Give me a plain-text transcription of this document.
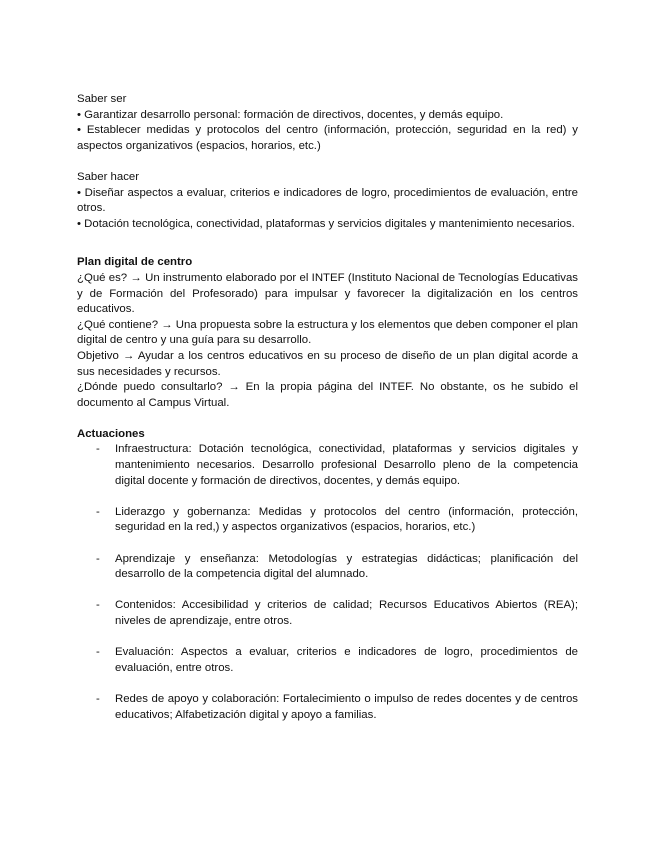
Saber ser

• Garantizar desarrollo personal: formación de directivos, docentes, y demás equipo.

• Establecer medidas y protocolos del centro (información, protección, seguridad en la red) y aspectos organizativos (espacios, horarios, etc.)

Saber hacer

• Diseñar aspectos a evaluar, criterios e indicadores de logro, procedimientos de evaluación, entre otros.

• Dotación tecnológica, conectividad, plataformas y servicios digitales y mantenimiento necesarios.

Plan digital de centro

¿Qué es? → Un instrumento elaborado por el INTEF (Instituto Nacional de Tecnologías Educativas y de Formación del Profesorado) para impulsar y favorecer la digitalización en los centros educativos.

¿Qué contiene? → Una propuesta sobre la estructura y los elementos que deben componer el plan digital de centro y una guía para su desarrollo.

Objetivo → Ayudar a los centros educativos en su proceso de diseño de un plan digital acorde a sus necesidades y recursos.

¿Dónde puedo consultarlo? → En la propia página del INTEF. No obstante, os he subido el documento al Campus Virtual.

Actuaciones

- Infraestructura: Dotación tecnológica, conectividad, plataformas y servicios digitales y mantenimiento necesarios. Desarrollo profesional Desarrollo pleno de la competencia digital docente y formación de directivos, docentes, y demás equipo.
- Liderazgo y gobernanza: Medidas y protocolos del centro (información, protección, seguridad en la red,) y aspectos organizativos (espacios, horarios, etc.)
- Aprendizaje y enseñanza: Metodologías y estrategias didácticas; planificación del desarrollo de la competencia digital del alumnado.
- Contenidos: Accesibilidad y criterios de calidad; Recursos Educativos Abiertos (REA); niveles de aprendizaje, entre otros.
- Evaluación: Aspectos a evaluar, criterios e indicadores de logro, procedimientos de evaluación, entre otros.
- Redes de apoyo y colaboración: Fortalecimiento o impulso de redes docentes y de centros educativos; Alfabetización digital y apoyo a familias.
